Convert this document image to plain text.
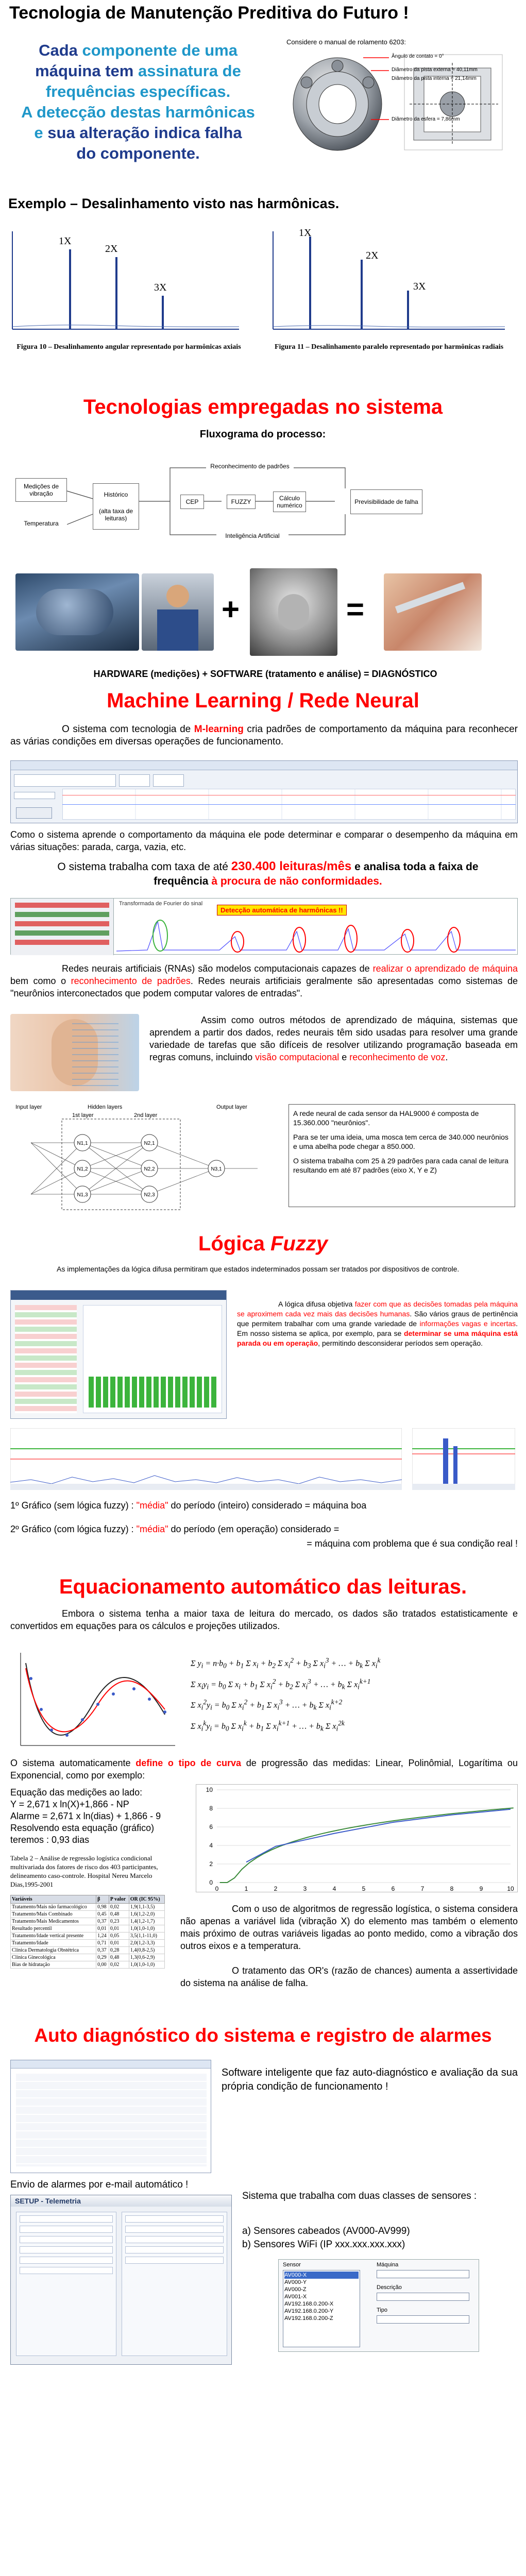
Tecnologia de Manutenção Preditiva do Futuro !
Cada componente de uma
máquina tem assinatura de
frequências específicas.
A detecção destas harmônicas
e sua alteração indica falha
do componente.
Considere o manual de rolamento 6203:
Ângulo de contato = 0°
Diâmetro da pista externa = 40,11mm
Diâmetro da pista interna = 21,14mm
Diâmetro da esfera = 7,86mm
Exemplo – Desalinhamento visto nas harmônicas.
1X
2X
3X
Figura 10 – Desalinhamento angular representado por harmônicas axiais
1X
2X
3X
Figura 11 – Desalinhamento paralelo representado por harmônicas radiais
Tecnologias empregadas no sistema
Fluxograma do processo:
Medições de vibração
Temperatura
Histórico
(alta taxa de leituras)
CEP	FUZZY	Cálculo numérico	Previsibilidade de falha
Reconhecimento de padrões
Inteligência Artificial
+	=
HARDWARE (medições) + SOFTWARE (tratamento e análise) = DIAGNÓSTICO
Machine Learning / Rede Neural
O sistema com tecnologia de M-learning cria padrões de comportamento da máquina para reconhecer as várias condições em diversas operações de funcionamento.
Como o sistema aprende o comportamento da máquina ele pode determinar e comparar o desempenho da máquina em várias situações: parada, carga, vazia, etc.
O sistema trabalha com taxa de até 230.400 leituras/mês e analisa toda a faixa de frequência à procura de não conformidades.
Transformada de Fourier do sinal
Detecção automática de harmônicas !!
Redes neurais artificiais (RNAs) são modelos computacionais capazes de realizar o aprendizado de máquina bem como o reconhecimento de padrões. Redes neurais artificiais geralmente são apresentadas como sistemas de "neurônios interconectados que podem computar valores de entradas".
Assim como outros métodos de aprendizado de máquina, sistemas que aprendem a partir dos dados, redes neurais têm sido usadas para resolver uma grande variedade de tarefas que são difíceis de resolver utilizando programação baseada em regras comuns, incluindo visão computacional e reconhecimento de voz.
Input layer	Hidden layers
1st layer	2nd layer
Output layer
N1,1
N1,2
N1,3
N2,1
N2,2
N2,3
N3,1
A rede neural de cada sensor da HAL9000 é composta de 15.360.000 "neurônios".
Para se ter uma ideia, uma mosca tem cerca de 340.000 neurônios e uma abelha pode chegar a 850.000.
O sistema trabalha com 25 à 29 padrões para cada canal de leitura resultando em até 87 padrões (eixo X, Y e Z)
Lógica Fuzzy
As implementações da lógica difusa permitiram que estados indeterminados possam ser tratados por dispositivos de controle.
A lógica difusa objetiva fazer com que as decisões tomadas pela máquina se aproximem cada vez mais das decisões humanas. São vários graus de pertinência que permitem trabalhar com uma grande variedade de informações vagas e incertas. Em nosso sistema se aplica, por exemplo, para se determinar se uma máquina está parada ou em operação, permitindo desconsiderar períodos sem operação.
1º Gráfico (sem lógica fuzzy) : "média" do período (inteiro) considerado = máquina boa
2º Gráfico (com lógica fuzzy) : "média" do período (em operação) considerado =
= máquina com problema que é sua condição real !
Equacionamento automático das leituras.
Embora o sistema tenha a maior taxa de leitura do mercado, os dados são tratados estatisticamente e convertidos em equações para os cálculos e projeções utilizados.
Σ $y_i = n\cdot b_0 + b_1$ Σ $x_i + b_2$ Σ $x_i^2 + b_3$ Σ $x_i^3$ + … + $b_k$ Σ $x_i^k$
Σ $x_iy_i = b_0$ Σ $x_i + b_1$ Σ $x_i^2 + b_2$ Σ $x_i^3$ + … + $b_k$ Σ $x_i^{k+1}$
Σ $x_i^2y_i = b_0$ Σ $x_i^2 + b_1$ Σ $x_i^3$ + … + $b_k$ Σ $x_i^{k+2}$
Σ $x_i^ky_i = b_0$ Σ $x_i^k + b_1$ Σ $x_i^{k+1}$ + … + $b_k$ Σ $x_i^{2k}$
O sistema automaticamente define o tipo de curva de progressão das medidas: Linear, Polinômial, Logarítima ou Exponencial, como por exemplo:
Equação das medições ao lado:
Y = 2,671 x ln(X)+1,866 - NP
Alarme = 2,671 x ln(dias) + 1,866 - 9
Resolvendo esta equação (gráfico)
teremos : 0,93 dias
10
8
6
4
2
0
0	1	2	3	4	5	6	7	8	9	10
Tabela 2 – Análise de regressão logística condicional multivariada dos fatores de risco dos 403 participantes, delineamento caso-controle. Hospital Nereu Marcelo Dias,1995-2001
Variáveis	β	P valor	OR (IC 95%)
Tratamento/Mais não farmacológico	0,98	0,02	1,9(1,1-3,5)
Tratamento/Mais Combinado	0,45	0,48	1,6(1,2-2,0)
Tratamento/Mais Medicamentos	0,37	0,23	1,4(1,2-1,7)
Resultado percentil	0,01	0,01	1,0(1,0-1,0)
Tratamento/Idade vertical presente	1,24	0,05	3,5(1,1-11,0)
Tratamento/Idade	0,71	0,01	2,0(1,2-3,3)
Clínica Dermatologia Obstétrica	0,37	0,28	1,4(0,8-2,5)
Clínica Ginecológica	0,29	0,48	1,3(0,6-2,9)
Bias de hidratação	0,00	0,02	1,0(1,0-1,0)
Com o uso de algoritmos de regressão logística, o sistema considera não apenas a variável lida (vibração X) do elemento mas também o elemento mais próximo de outras variáveis ligadas ao ponto medido, como a vibração dos outros eixos e a temperatura.
O tratamento das OR's (razão de chances) aumenta a assertividade do sistema na análise de falha.
Auto diagnóstico do sistema e registro de alarmes
Software inteligente que faz auto-diagnóstico e avaliação da sua própria condição de funcionamento !
Envio de alarmes por e-mail automático !
SETUP - Telemetria	Sistema que trabalha com duas classes de sensores :
a) Sensores cabeados (AV000-AV999)
b) Sensores WiFi (IP xxx.xxx.xxx.xxx)
Sensor
AV000-X
AV000-Y
AV000-Z
AV001-X
AV192.168.0.200-X
AV192.168.0.200-Y
AV192.168.0.200-Z
Máquina
Descrição
Tipo
